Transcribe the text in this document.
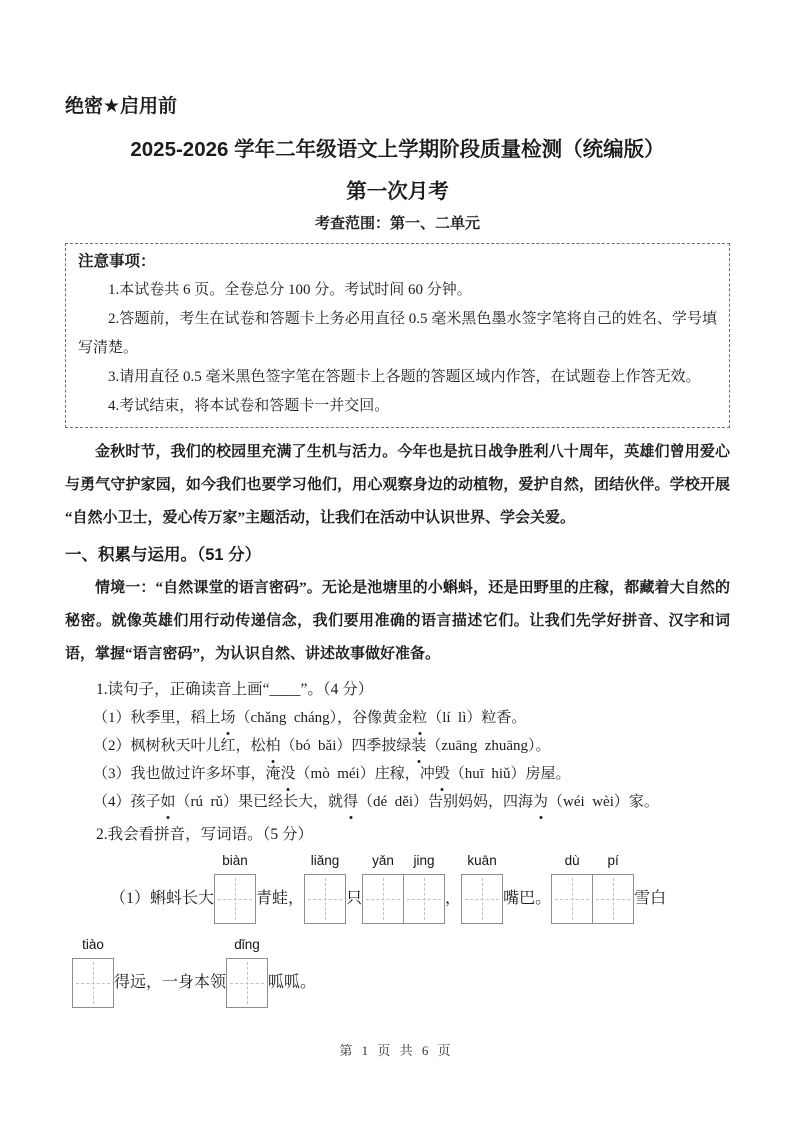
绝密★启用前
2025-2026 学年二年级语文上学期阶段质量检测（统编版）
第一次月考
考查范围：第一、二单元
注意事项：

1.本试卷共 6 页。全卷总分 100 分。考试时间 60 分钟。

2.答题前，考生在试卷和答题卡上务必用直径 0.5 毫米黑色墨水签字笔将自己的姓名、学号填写清楚。

3.请用直径 0.5 毫米黑色签字笔在答题卡上各题的答题区域内作答，在试题卷上作答无效。

4.考试结束，将本试卷和答题卡一并交回。

金秋时节，我们的校园里充满了生机与活力。今年也是抗日战争胜利八十周年，英雄们曾用爱心与勇气守护家园，如今我们也要学习他们，用心观察身边的动植物，爱护自然，团结伙伴。学校开展“自然小卫士，爱心传万家”主题活动，让我们在活动中认识世界、学会关爱。

一、积累与运用。（51 分）

情境一：“自然课堂的语言密码”。无论是池塘里的小蝌蚪，还是田野里的庄稼，都藏着大自然的秘密。就像英雄们用行动传递信念，我们要用准确的语言描述它们。让我们先学好拼音、汉字和词语，掌握“语言密码”，为认识自然、讲述故事做好准备。

1.读句子，正确读音上画“____”。（4 分）
（1）秋季里，稻上场（chǎng  cháng），谷像黄金粒（lí  lì）粒香。
（2）枫树秋天叶儿红，松柏（bó  bǎi）四季披绿装（zuāng  zhuāng）。
（3）我也做过许多坏事，淹没（mò  méi）庄稼，冲毁（huī  hiǔ）房屋。
（4）孩子如（rú  rǔ）果已经长大，就得（dé  děi）告别妈妈，四海为（wéi  wèi）家。
2.我会看拼音，写词语。（5 分）
（1）蝌蚪长大
biàn
青蛙，
liǎng
只
yǎn jing
，
kuān
嘴巴。
dù pí
雪白
tiào
得远，一身本领
dǐng
呱呱。
第 1 页 共 6 页
